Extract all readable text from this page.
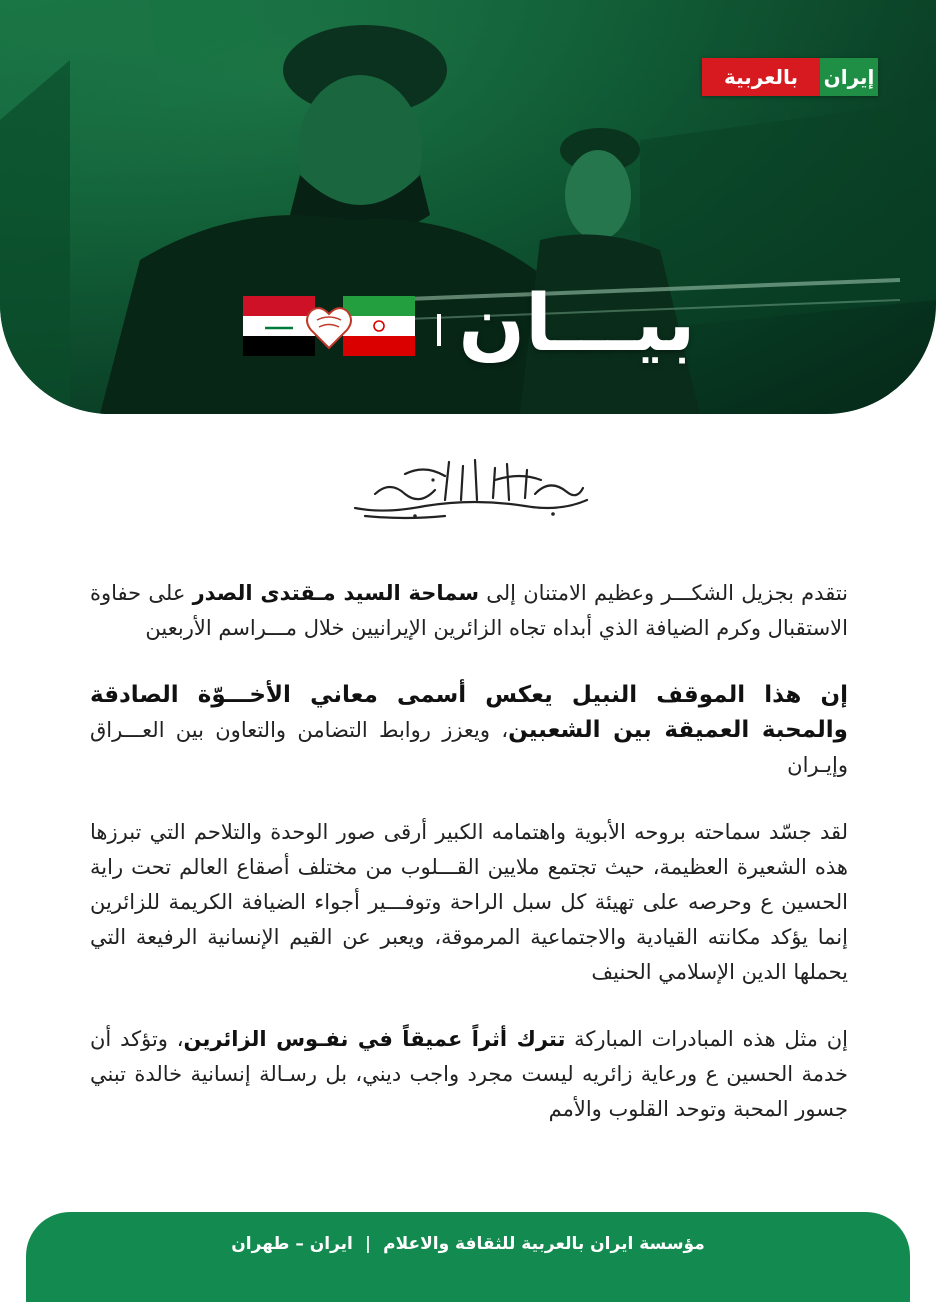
إيران
بالعربية
بيـــان

نتقدم بجزيل الشكـــر وعظيم الامتنان إلى سماحة السيد مـقتدى الصدر على حفاوة الاستقبال وكرم الضيافة الذي أبداه تجاه الزائرين الإيرانيين خلال مـــراسم الأربعين

إن هذا الموقف النبيل يعكس أسمى معاني الأخـــوّة الصادقة والمحبة العميقة بين الشعبين، ويعزز روابط التضامن والتعاون بين العـــراق وإيـران

لقد جسّد سماحته بروحه الأبوية واهتمامه الكبير أرقى صور الوحدة والتلاحم التي تبرزها هذه الشعيرة العظيمة، حيث تجتمع ملايين القـــلوب من مختلف أصقاع العالم تحت راية الحسين ع وحرصه على تهيئة كل سبل الراحة وتوفـــير أجواء الضيافة الكريمة للزائرين إنما يؤكد مكانته القيادية والاجتماعية المرموقة، ويعبر عن القيم الإنسانية الرفيعة التي يحملها الدين الإسلامي الحنيف

إن مثل هذه المبادرات المباركة تترك أثراً عميقاً في نفـوس الزائرين، وتؤكد أن خدمة الحسين ع ورعاية زائريه ليست مجرد واجب ديني، بل رسـالة إنسانية خالدة تبني جسور المحبة وتوحد القلوب والأمم

مؤسسة ايران بالعربية للثقافة والاعلام
|
ايران – طهران
